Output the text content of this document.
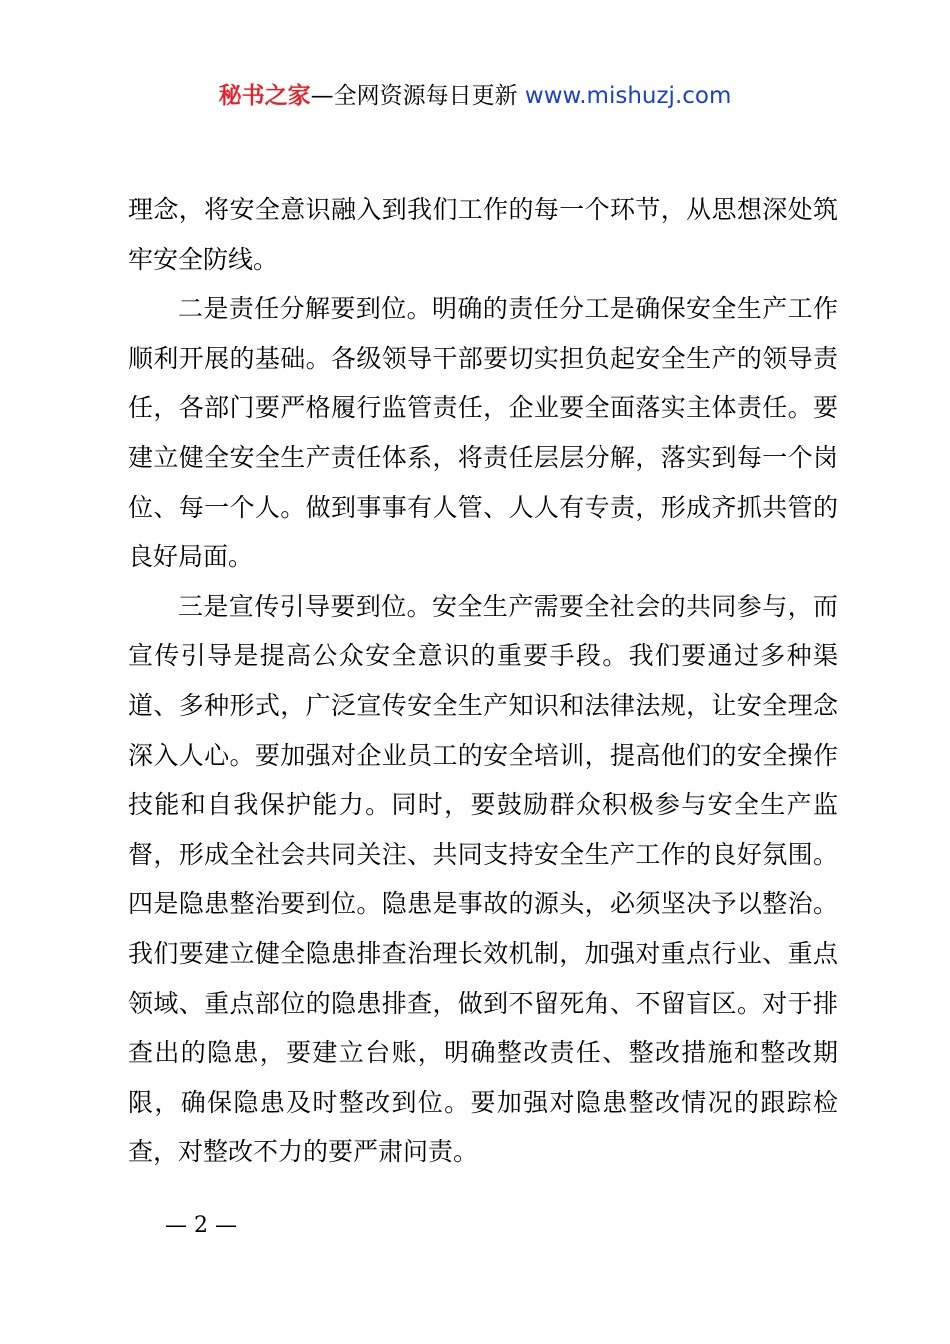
秘书之家—全网资源每日更新 www.mishuzj.com

理念，将安全意识融入到我们工作的每一个环节，从思想深处筑牢安全防线。

二是责任分解要到位。明确的责任分工是确保安全生产工作顺利开展的基础。各级领导干部要切实担负起安全生产的领导责任，各部门要严格履行监管责任，企业要全面落实主体责任。要建立健全安全生产责任体系，将责任层层分解，落实到每一个岗位、每一个人。做到事事有人管、人人有专责，形成齐抓共管的良好局面。

三是宣传引导要到位。安全生产需要全社会的共同参与，而宣传引导是提高公众安全意识的重要手段。我们要通过多种渠道、多种形式，广泛宣传安全生产知识和法律法规，让安全理念深入人心。要加强对企业员工的安全培训，提高他们的安全操作技能和自我保护能力。同时，要鼓励群众积极参与安全生产监督，形成全社会共同关注、共同支持安全生产工作的良好氛围。四是隐患整治要到位。隐患是事故的源头，必须坚决予以整治。我们要建立健全隐患排查治理长效机制，加强对重点行业、重点领域、重点部位的隐患排查，做到不留死角、不留盲区。对于排查出的隐患，要建立台账，明确整改责任、整改措施和整改期限，确保隐患及时整改到位。要加强对隐患整改情况的跟踪检查，对整改不力的要严肃问责。

— 2 —
